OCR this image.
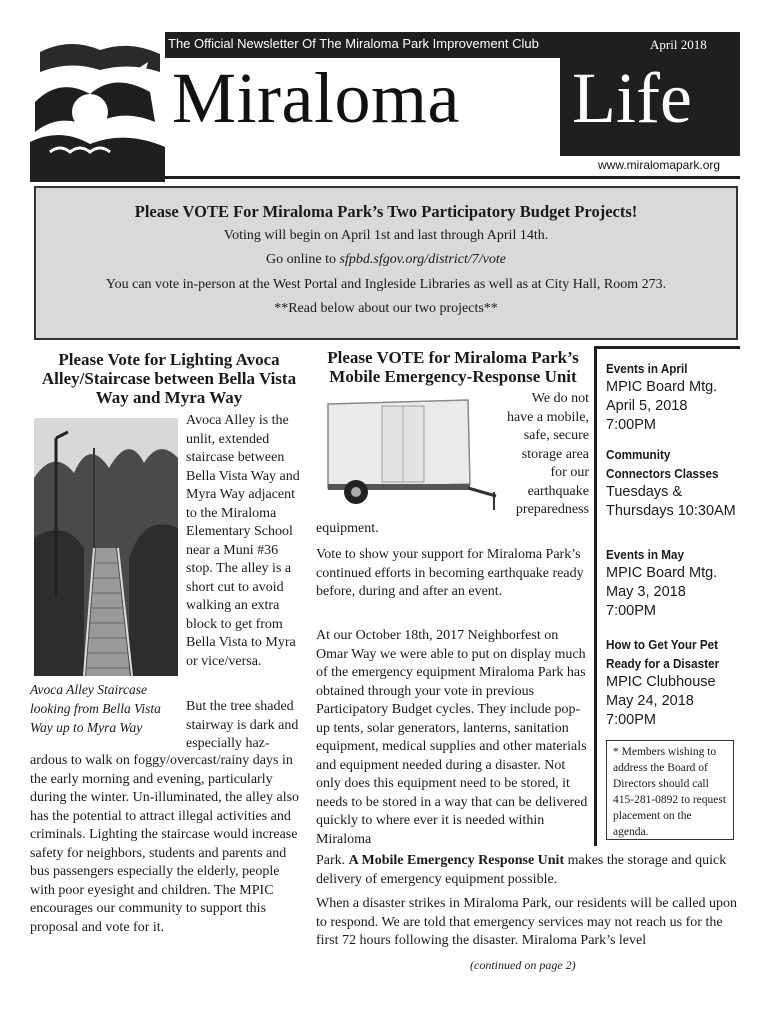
The Official Newsletter Of The Miraloma Park Improvement Club	April 2018
Miraloma Life
www.miralomapark.org
Please VOTE For Miraloma Park’s Two Participatory Budget Projects!
Voting will begin on April 1st and last through April 14th.
Go online to sfpbd.sfgov.org/district/7/vote
You can vote in-person at the West Portal and Ingleside Libraries as well as at City Hall, Room 273.
**Read below about our two projects**
Please Vote for Lighting Avoca Alley/Staircase between Bella Vista Way and Myra Way
Avoca Alley Staircase looking from Bella Vista Way up to Myra Way
Avoca Alley is the unlit, extended staircase between Bella Vista Way and Myra Way adjacent to the Miraloma Elementary School near a Muni #36 stop. The alley is a short cut to avoid walking an extra block to get from Bella Vista to Myra or vice/versa.
But the tree shaded stairway is dark and especially haz-
ardous to walk on foggy/overcast/rainy days in the early morning and evening, particularly during the winter. Un-illuminated, the alley also has the potential to attract illegal activities and criminals. Lighting the staircase would increase safety for neighbors, students and parents and bus passengers especially the elderly, people with poor eyesight and children. The MPIC encourages our community to support this proposal and vote for it.
Please VOTE for Miraloma Park’s Mobile Emergency-Response Unit
We do not have a mobile, safe, secure storage area for our earthquake preparedness
equipment.
Vote to show your support for Miraloma Park’s continued efforts in becoming earthquake ready before, during and after an event.
At our October 18th, 2017 Neighborfest on Omar Way we were able to put on display much of the emergency equipment Miraloma Park has obtained through your vote in previous Participatory Budget cycles. They include pop-up tents, solar generators, lanterns, sanitation equipment, medical supplies and other materials and equipment needed during a disaster. Not only does this equipment need to be stored, it needs to be stored in a way that can be delivered quickly to where ever it is needed within Miraloma
Park. A Mobile Emergency Response Unit makes the storage and quick delivery of emergency equipment possible.
When a disaster strikes in Miraloma Park, our residents will be called upon to respond. We are told that emergency services may not reach us for the first 72 hours following the disaster. Miraloma Park’s level
(continued on page 2)
Events in April
MPIC Board Mtg.
April 5, 2018
7:00PM
Community
Connectors Classes
Tuesdays &
Thursdays 10:30AM
Events in May
MPIC Board Mtg.
May 3, 2018
7:00PM
How to Get Your Pet
Ready for a Disaster
MPIC Clubhouse
May 24, 2018
7:00PM
* Members wishing to address the Board of Directors should call 415-281-0892 to request placement on the agenda.
